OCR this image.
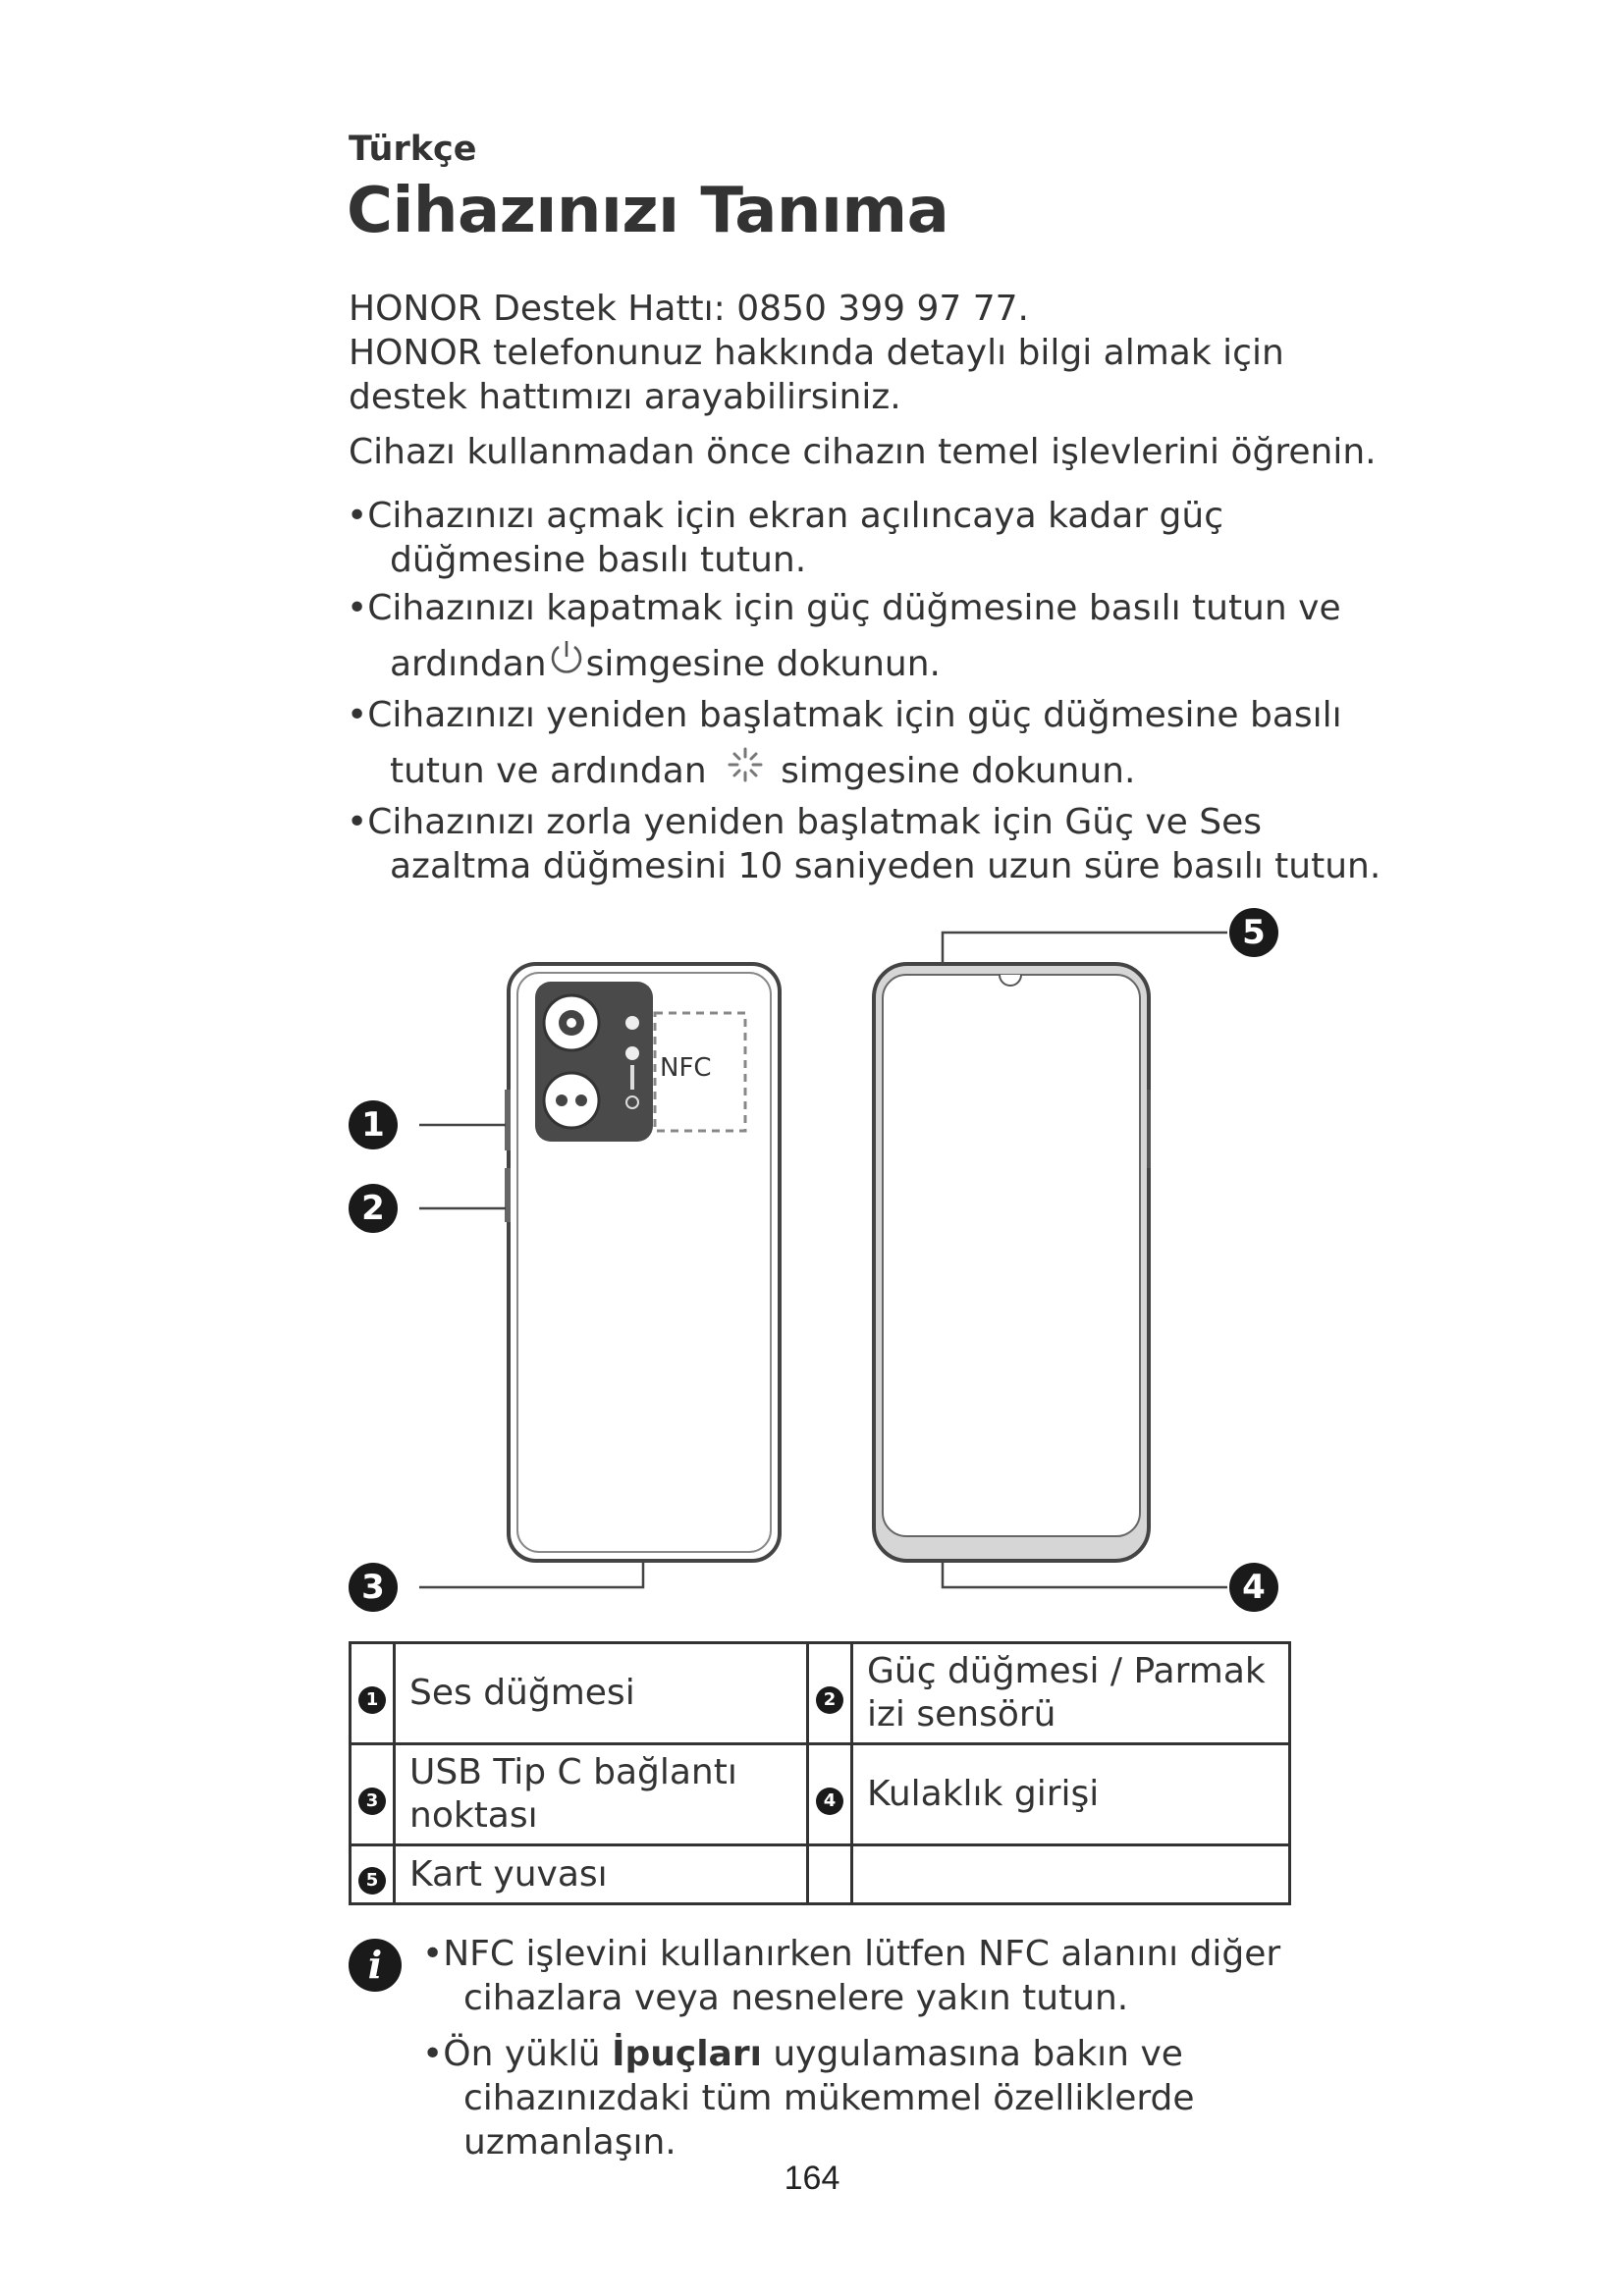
Türkçe
Cihazınızı Tanıma
HONOR Destek Hattı: 0850 399 97 77.
HONOR telefonunuz hakkında detaylı bilgi almak için
destek hattımızı arayabilirsiniz.
Cihazı kullanmadan önce cihazın temel işlevlerini öğrenin.
•Cihazınızı açmak için ekran açılıncaya kadar güç
düğmesine basılı tutun.
•Cihazınızı kapatmak için güç düğmesine basılı tutun ve
ardından simgesine dokunun.
•Cihazınızı yeniden başlatmak için güç düğmesine basılı
tutun ve ardından simgesine dokunun.
•Cihazınızı zorla yeniden başlatmak için Güç ve Ses
azaltma düğmesini 10 saniyeden uzun süre basılı tutun.
NFC
1
2
3	4
5
1	Ses düğmesi	2	Güç düğmesi / Parmak
izi sensörü

3	USB Tip C bağlantı
noktası	4	Kulaklık girişi
5	Kart yuvası		
i	•NFC işlevini kullanırken lütfen NFC alanını diğer
cihazlara veya nesnelere yakın tutun.
•Ön yüklü İpuçları uygulamasına bakın ve
cihazınızdaki tüm mükemmel özelliklerde
uzmanlaşın.
164
